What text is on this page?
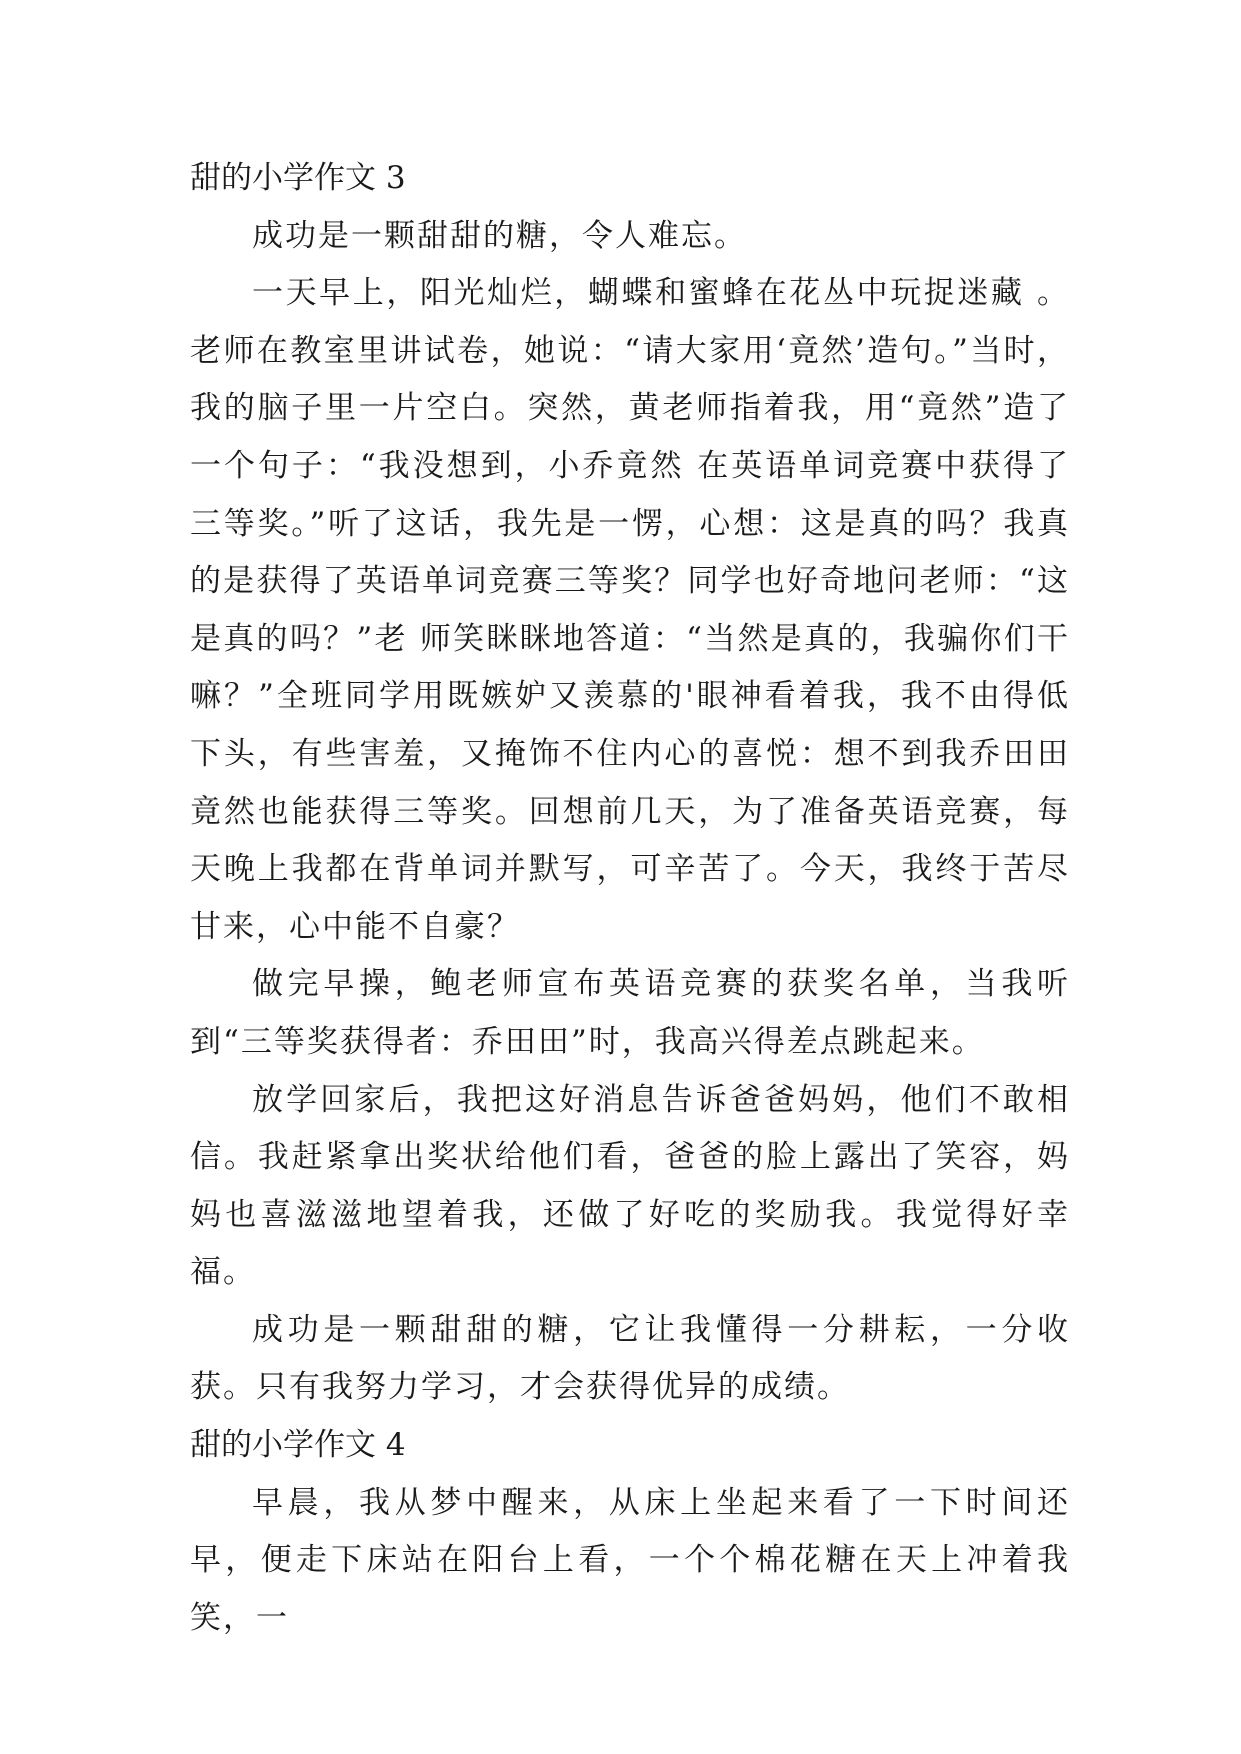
甜的小学作文 3

成功是一颗甜甜的糖，令人难忘。

一天早上，阳光灿烂，蝴蝶和蜜蜂在花丛中玩捉迷藏 。老师在教室里讲试卷，她说：“请大家用‘竟然’造句。”当时，我的脑子里一片空白。突然，黄老师指着我，用“竟然”造了一个句子：“我没想到，小乔竟然 在英语单词竞赛中获得了三等奖。”听了这话，我先是一愣，心想：这是真的吗？我真的是获得了英语单词竞赛三等奖？同学也好奇地问老师：“这是真的吗？”老 师笑眯眯地答道：“当然是真的，我骗你们干嘛？”全班同学用既嫉妒又羡慕的'眼神看着我，我不由得低下头，有些害羞，又掩饰不住内心的喜悦：想不到我乔田田 竟然也能获得三等奖。回想前几天，为了准备英语竞赛，每天晚上我都在背单词并默写，可辛苦了。今天，我终于苦尽甘来，心中能不自豪？

做完早操，鲍老师宣布英语竞赛的获奖名单，当我听到“三等奖获得者：乔田田”时，我高兴得差点跳起来。

放学回家后，我把这好消息告诉爸爸妈妈，他们不敢相信。我赶紧拿出奖状给他们看，爸爸的脸上露出了笑容，妈妈也喜滋滋地望着我，还做了好吃的奖励我。我觉得好幸福。

成功是一颗甜甜的糖，它让我懂得一分耕耘，一分收获。只有我努力学习，才会获得优异的成绩。

甜的小学作文 4

早晨，我从梦中醒来，从床上坐起来看了一下时间还早，便走下床站在阳台上看，一个个棉花糖在天上冲着我笑，一
